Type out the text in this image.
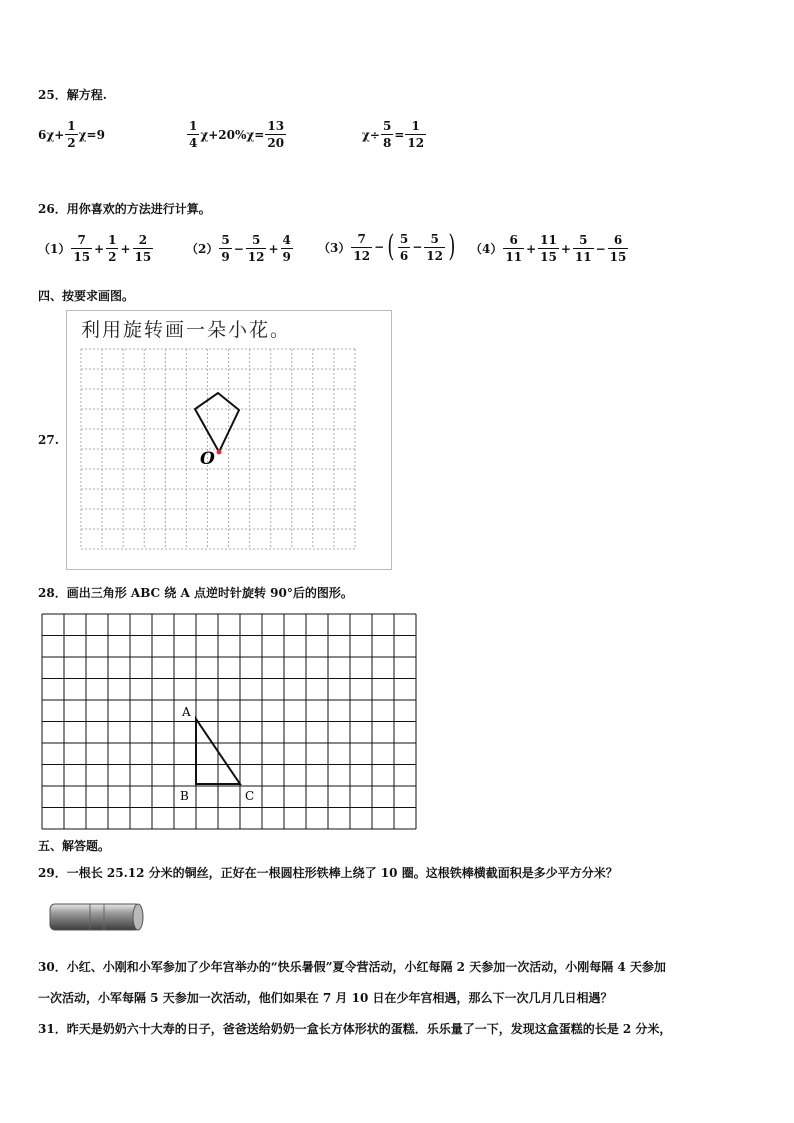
25．解方程.
$6\chi+ \frac{1}{2} \chi=9$	$\frac{1}{4} \chi+20\%\chi= \frac{13}{20}$	$\chi\div \frac{5}{8} = \frac{1}{12}$
26．用你喜欢的方法进行计算。
$(1) \frac{7}{15} + \frac{1}{2} + \frac{2}{15}$	$(2) \frac{5}{9} - \frac{5}{12} + \frac{4}{9} (3) \frac{7}{12}$ − ( $\frac{5}{6} - \frac{5}{12}$ ) $(4) \frac{6}{11} + \frac{11}{15} + \frac{5}{11} - \frac{6}{15}$
四、按要求画图。
27.
利用旋转画一朵小花。
O
28．画出三角形 ABC 绕 A 点逆时针旋转 90°后的图形。
A
B	C
五、解答题。
29．一根长 25.12 分米的铜丝，正好在一根圆柱形铁棒上绕了 10 圈。这根铁棒横截面积是多少平方分米？
30．小红、小刚和小军参加了少年宫举办的“快乐暑假”夏令营活动，小红每隔 2 天参加一次活动，小刚每隔 4 天参加
一次活动，小军每隔 5 天参加一次活动，他们如果在 7 月 10 日在少年宫相遇，那么下一次几月几日相遇？
31．昨天是奶奶六十大寿的日子，爸爸送给奶奶一盒长方体形状的蛋糕．乐乐量了一下，发现这盒蛋糕的长是 2 分米，
